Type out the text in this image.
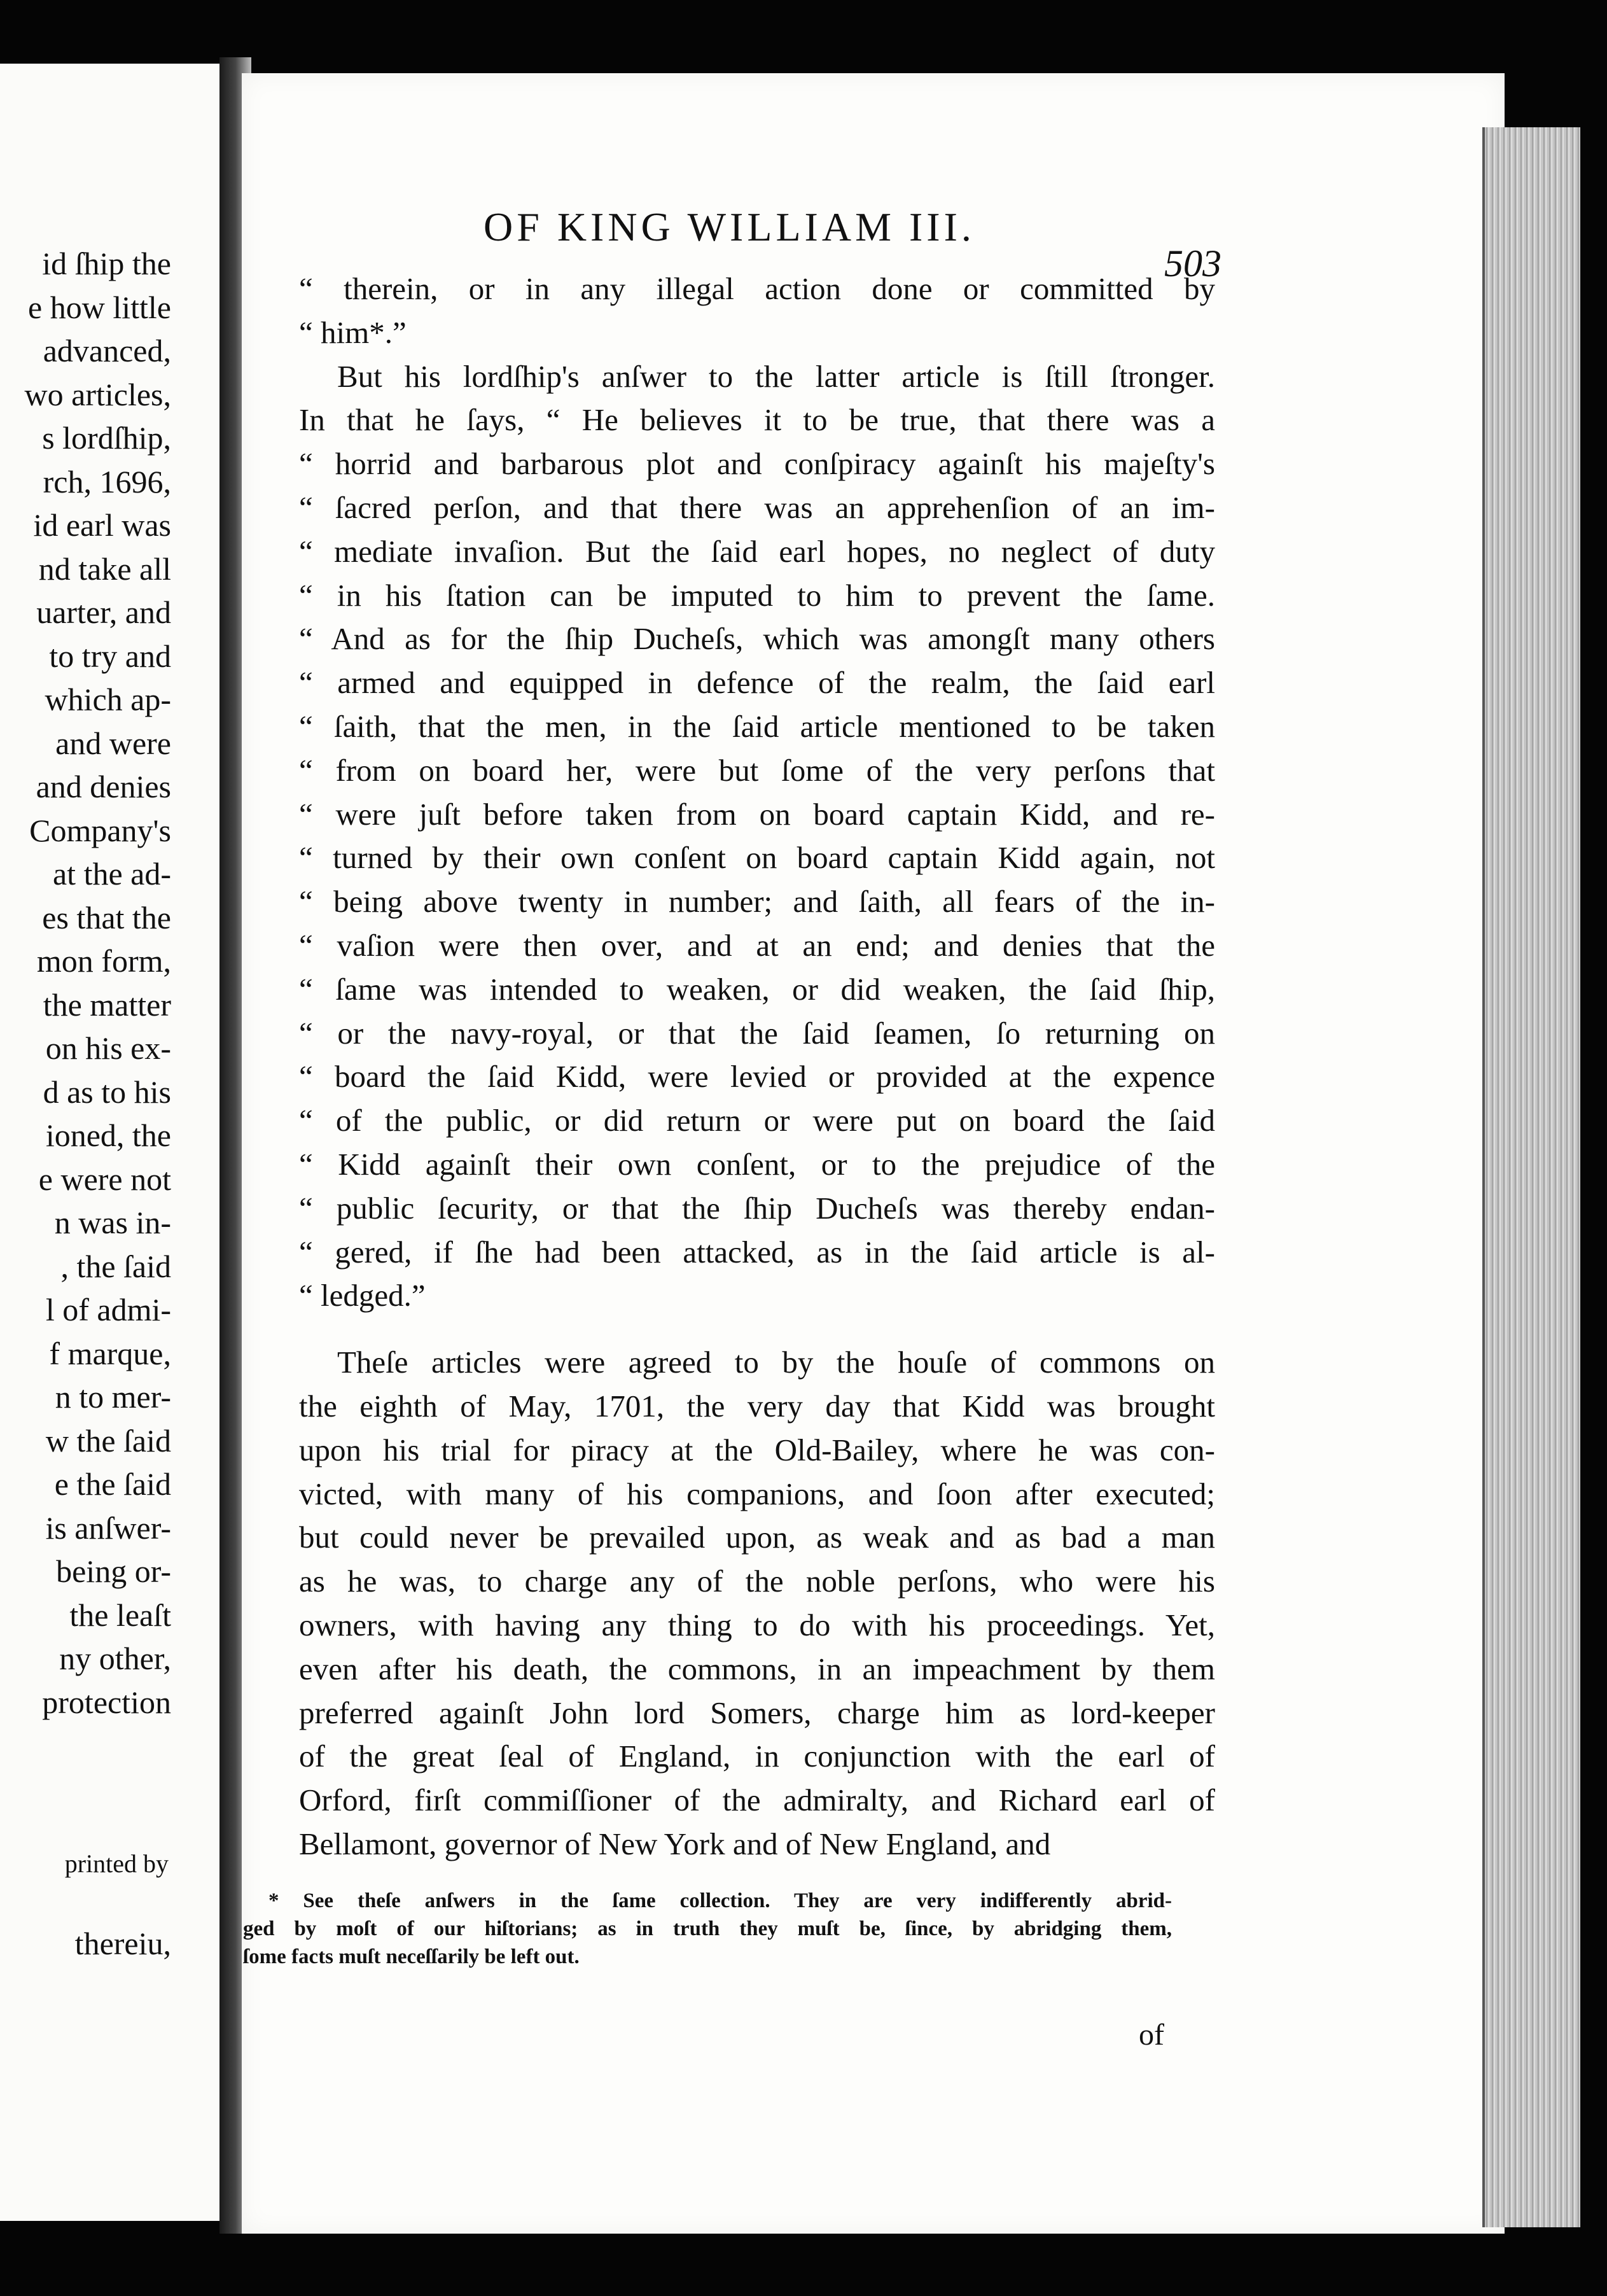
id ſhip the
e how little
advanced,
wo articles,
s lordſhip,
rch, 1696,
id earl was
nd take all
uarter, and
to try and
which ap-
and were
and denies
Company's
at the ad-
es that the
mon form,
the matter
on his ex-
d as to his
ioned, the
e were not
n was in-
, the ſaid
l of admi-
f marque,
n to mer-
w the ſaid
e the ſaid
is anſwer-
being or-
the leaſt
ny other,
protection
printed by
thereiu,
OF KING WILLIAM III.
503
“ therein, or in any illegal action done or committed by
“ him*.”
But his lordſhip's anſwer to the latter article is ſtill ſtronger.
In that he ſays, “ He believes it to be true, that there was a
“ horrid and barbarous plot and conſpiracy againſt his majeſty's
“ ſacred perſon, and that there was an apprehenſion of an im-
“ mediate invaſion. But the ſaid earl hopes, no neglect of duty
“ in his ſtation can be imputed to him to prevent the ſame.
“ And as for the ſhip Ducheſs, which was amongſt many others
“ armed and equipped in defence of the realm, the ſaid earl
“ ſaith, that the men, in the ſaid article mentioned to be taken
“ from on board her, were but ſome of the very perſons that
“ were juſt before taken from on board captain Kidd, and re-
“ turned by their own conſent on board captain Kidd again, not
“ being above twenty in number; and ſaith, all fears of the in-
“ vaſion were then over, and at an end; and denies that the
“ ſame was intended to weaken, or did weaken, the ſaid ſhip,
“ or the navy-royal, or that the ſaid ſeamen, ſo returning on
“ board the ſaid Kidd, were levied or provided at the expence
“ of the public, or did return or were put on board the ſaid
“ Kidd againſt their own conſent, or to the prejudice of the
“ public ſecurity, or that the ſhip Ducheſs was thereby endan-
“ gered, if ſhe had been attacked, as in the ſaid article is al-
“ ledged.”
Theſe articles were agreed to by the houſe of commons on
the eighth of May, 1701, the very day that Kidd was brought
upon his trial for piracy at the Old-Bailey, where he was con-
victed, with many of his companions, and ſoon after executed;
but could never be prevailed upon, as weak and as bad a man
as he was, to charge any of the noble perſons, who were his
owners, with having any thing to do with his proceedings. Yet,
even after his death, the commons, in an impeachment by them
preferred againſt John lord Somers, charge him as lord-keeper
of the great ſeal of England, in conjunction with the earl of
Orford, firſt commiſſioner of the admiralty, and Richard earl of
Bellamont, governor of New York and of New England, and
* See theſe anſwers in the ſame collection. They are very indifferently abrid-
ged by moſt of our hiſtorians; as in truth they muſt be, ſince, by abridging them,
ſome facts muſt neceſſarily be left out.
of
